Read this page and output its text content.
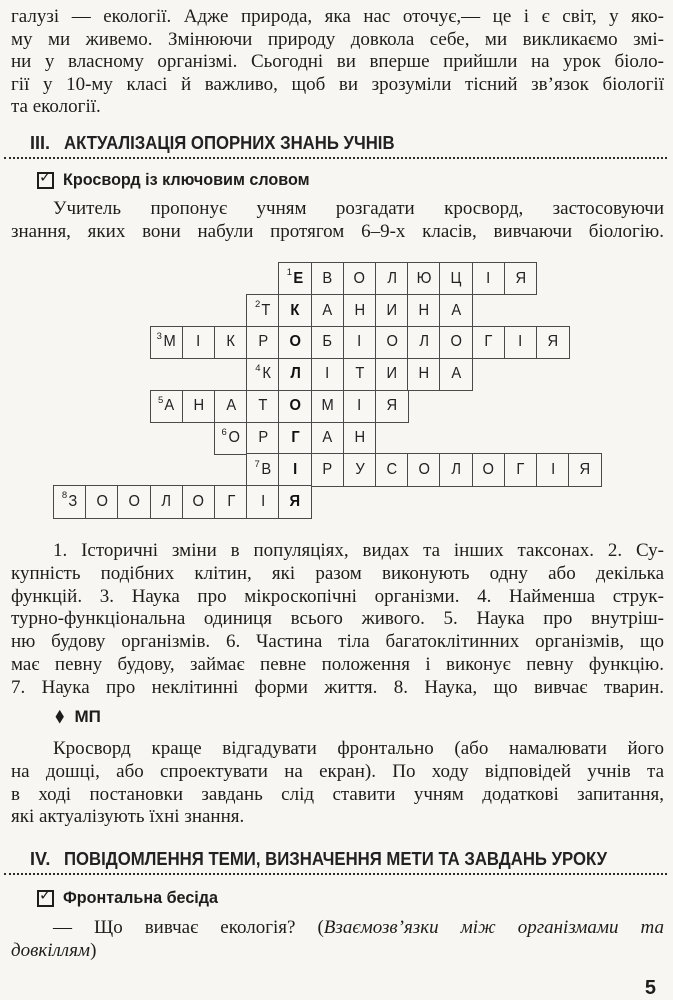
галузі — екології. Адже природа, яка нас оточує,— це і є світ, у яко-
му ми живемо. Змінюючи природу довкола себе, ми викликаємо змі-
ни у власному організмі. Сьогодні ви вперше прийшли на урок біоло-
гії у 10-му класі й важливо, щоб ви зрозуміли тісний зв’язок біології
та екології.
III. АКТУАЛІЗАЦІЯ ОПОРНИХ ЗНАНЬ УЧНІВ
✓ Кросворд із ключовим словом
Учитель пропонує учням розгадати кросворд, застосовуючи
знання, яких вони набули протягом 6–9-х класів, вивчаючи біологію.
1 Е В О Л Ю Ц І Я
2 Т К А Н И Н А
3 М І К Р О Б І О Л О Г І Я
4 К Л І Т И Н А
5 А Н А Т О М І Я
6 О Р Г А Н
7 В І Р У С О Л О Г І Я
8 З О О Л О Г І Я
1. Історичні зміни в популяціях, видах та інших таксонах. 2. Су-
купність подібних клітин, які разом виконують одну або декілька
функцій. 3. Наука про мікроскопічні організми. 4. Найменша струк-
турно-функціональна одиниця всього живого. 5. Наука про внутріш-
ню будову організмів. 6. Частина тіла багатоклітинних організмів, що
має певну будову, займає певне положення і виконує певну функцію.
7. Наука про неклітинні форми життя. 8. Наука, що вивчає тварин.
♦ МП
Кросворд краще відгадувати фронтально (або намалювати його
на дошці, або спроектувати на екран). По ходу відповідей учнів та
в ході постановки завдань слід ставити учням додаткові запитання,
які актуалізують їхні знання.
IV. ПОВІДОМЛЕННЯ ТЕМИ, ВИЗНАЧЕННЯ МЕТИ ТА ЗАВДАНЬ УРОКУ
✓ Фронтальна бесіда
— Що вивчає екологія? (Взаємозв’язки між організмами та
довкіллям)
5
